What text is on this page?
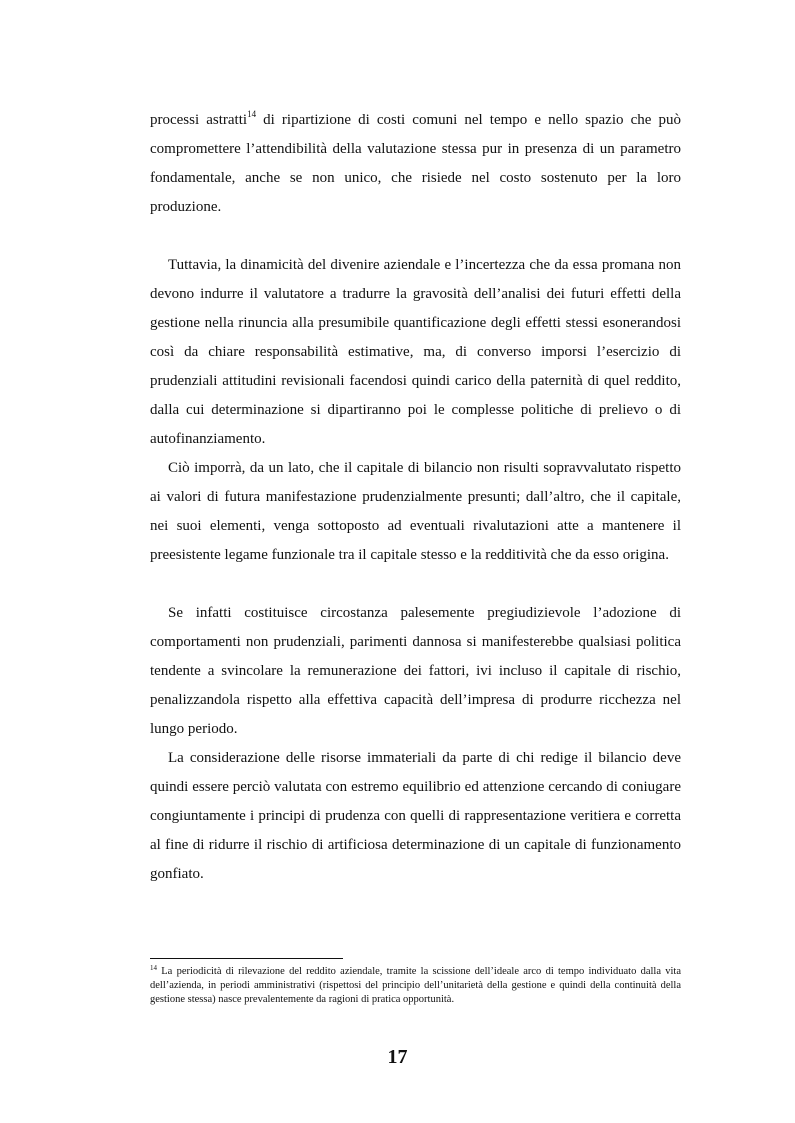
processi astratti$^{14}$ di ripartizione di costi comuni nel tempo e nello spazio che può compromettere l’attendibilità della valutazione stessa pur in presenza di un parametro fondamentale, anche se non unico, che risiede nel costo sostenuto per la loro produzione.

Tuttavia, la dinamicità del divenire aziendale e l’incertezza che da essa promana non devono indurre il valutatore a tradurre la gravosità dell’analisi dei futuri effetti della gestione nella rinuncia alla presumibile quantificazione degli effetti stessi esonerandosi così da chiare responsabilità estimative, ma, di converso imporsi l’esercizio di prudenziali attitudini revisionali facendosi quindi carico della paternità di quel reddito, dalla cui determinazione si dipartiranno poi le complesse politiche di prelievo o di autofinanziamento.

Ciò imporrà, da un lato, che il capitale di bilancio non risulti sopravvalutato rispetto ai valori di futura manifestazione prudenzialmente presunti; dall’altro, che il capitale, nei suoi elementi, venga sottoposto ad eventuali rivalutazioni atte a mantenere il preesistente legame funzionale tra il capitale stesso e la redditività che da esso origina.

Se infatti costituisce circostanza palesemente pregiudizievole l’adozione di comportamenti non prudenziali, parimenti dannosa si manifesterebbe qualsiasi politica tendente a svincolare la remunerazione dei fattori, ivi incluso il capitale di rischio, penalizzandola rispetto alla effettiva capacità dell’impresa di produrre ricchezza nel lungo periodo.

La considerazione delle risorse immateriali da parte di chi redige il bilancio deve quindi essere perciò valutata con estremo equilibrio ed attenzione cercando di coniugare congiuntamente i principi di prudenza con quelli di rappresentazione veritiera e corretta al fine di ridurre il rischio di artificiosa determinazione di un capitale di funzionamento gonfiato.

$^{14}$ La periodicità di rilevazione del reddito aziendale, tramite la scissione dell’ideale arco di tempo individuato dalla vita dell’azienda, in periodi amministrativi (rispettosi del principio dell’unitarietà della gestione e quindi della continuità della gestione stessa) nasce prevalentemente da ragioni di pratica opportunità.

17
